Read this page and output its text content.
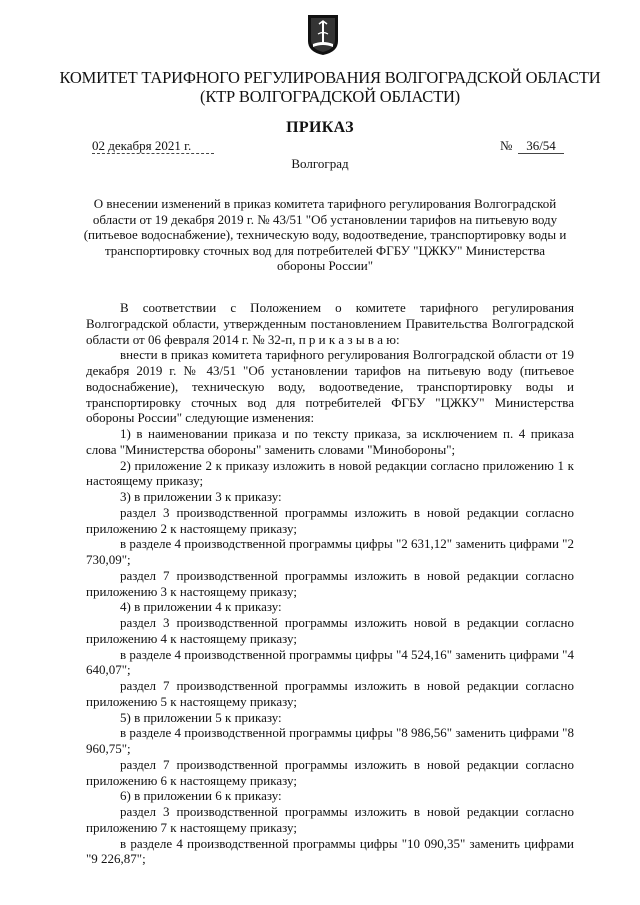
КОМИТЕТ ТАРИФНОГО РЕГУЛИРОВАНИЯ ВОЛГОГРАДСКОЙ ОБЛАСТИ
(КТР ВОЛГОГРАДСКОЙ ОБЛАСТИ)
ПРИКАЗ
02 декабря 2021 г.	№	36/54
Волгоград
О внесении изменений в приказ комитета тарифного регулирования Волгоградской области от 19 декабря 2019 г. № 43/51 "Об установлении тарифов на питьевую воду (питьевое водоснабжение), техническую воду, водоотведение, транспортировку воды и транспортировку сточных вод для потребителей ФГБУ "ЦЖКУ" Министерства обороны России"

В соответствии с Положением о комитете тарифного регулирования Волгоградской области, утвержденным постановлением Правительства Волгоградской области от 06 февраля 2014 г. № 32-п, п р и к а з ы в а ю:

внести в приказ комитета тарифного регулирования Волгоградской области от 19 декабря 2019 г. № 43/51 "Об установлении тарифов на питьевую воду (питьевое водоснабжение), техническую воду, водоотведение, транспортировку воды и транспортировку сточных вод для потребителей ФГБУ "ЦЖКУ" Министерства обороны России" следующие изменения:

1) в наименовании приказа и по тексту приказа, за исключением п. 4 приказа слова "Министерства обороны" заменить словами "Минобороны";

2) приложение 2 к приказу изложить в новой редакции согласно приложению 1 к настоящему приказу;

3) в приложении 3 к приказу:

раздел 3 производственной программы изложить в новой редакции согласно приложению 2 к настоящему приказу;

в разделе 4 производственной программы цифры "2 631,12" заменить цифрами "2 730,09";

раздел 7 производственной программы изложить в новой редакции согласно приложению 3 к настоящему приказу;

4) в приложении 4 к приказу:

раздел 3 производственной программы изложить новой в редакции согласно приложению 4 к настоящему приказу;

в разделе 4 производственной программы цифры "4 524,16" заменить цифрами "4 640,07";

раздел 7 производственной программы изложить в новой редакции согласно приложению 5 к настоящему приказу;

5) в приложении 5 к приказу:

в разделе 4 производственной программы цифры "8 986,56" заменить цифрами "8 960,75";

раздел 7 производственной программы изложить в новой редакции согласно приложению 6 к настоящему приказу;

6) в приложении 6 к приказу:

раздел 3 производственной программы изложить в новой редакции согласно приложению 7 к настоящему приказу;

в разделе 4 производственной программы цифры "10 090,35" заменить цифрами "9 226,87";
